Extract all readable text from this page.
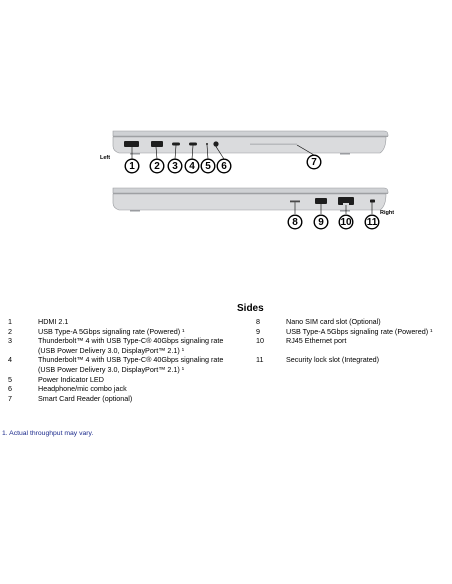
1 2 3 4 5 6	7
8 9 10 11
Left
Right
Sides
1	HDMI 2.1
2	USB Type-A 5Gbps signaling rate (Powered) ¹
3	Thunderbolt™ 4 with USB Type-C® 40Gbps signaling rate
(USB Power Delivery 3.0, DisplayPort™ 2.1) ¹
4	Thunderbolt™ 4 with USB Type-C® 40Gbps signaling rate
(USB Power Delivery 3.0, DisplayPort™ 2.1) ¹
5	Power Indicator LED
6	Headphone/mic combo jack
7	Smart Card Reader (optional)
8	Nano SIM card slot (Optional)
9	USB Type-A 5Gbps signaling rate (Powered) ¹
10	RJ45 Ethernet port
11	Security lock slot (Integrated)
1. Actual throughput may vary.
